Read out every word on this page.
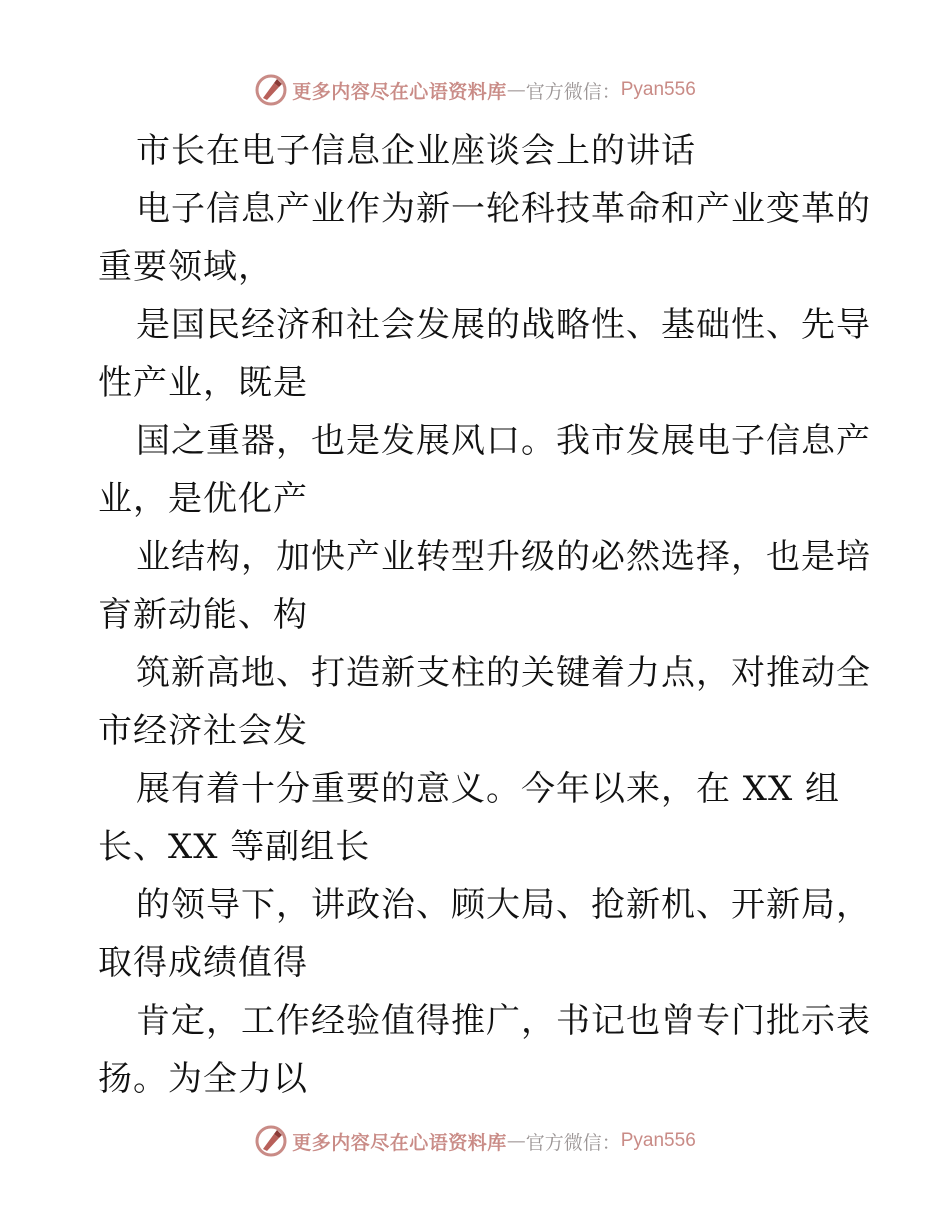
更多内容尽在心语资料库 — 官方微信： Pyan556
市长在电子信息企业座谈会上的讲话
电子信息产业作为新一轮科技革命和产业变革的
重要领域，
是国民经济和社会发展的战略性、基础性、先导
性产业，既是
国之重器，也是发展风口。我市发展电子信息产
业，是优化产
业结构，加快产业转型升级的必然选择，也是培
育新动能、构
筑新高地、打造新支柱的关键着力点，对推动全
市经济社会发
展有着十分重要的意义。今年以来，在 XX 组
长、XX 等副组长
的领导下，讲政治、顾大局、抢新机、开新局，
取得成绩值得
肯定，工作经验值得推广，书记也曾专门批示表
扬。为全力以
更多内容尽在心语资料库 — 官方微信： Pyan556
